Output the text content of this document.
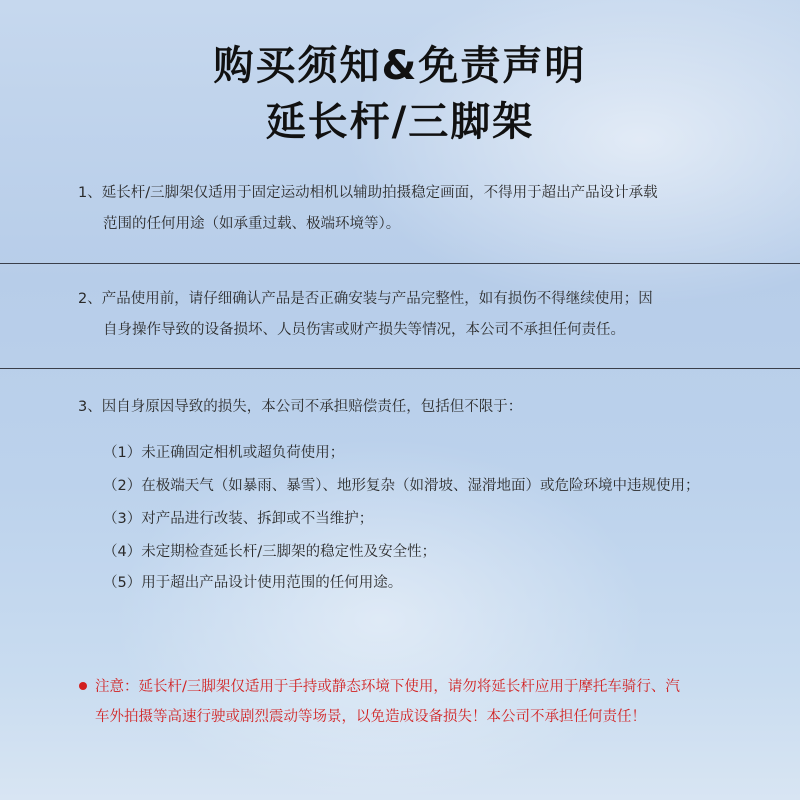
购买须知&免责声明
延长杆/三脚架
1、延长杆/三脚架仅适用于固定运动相机以辅助拍摄稳定画面，不得用于超出产品设计承载
范围的任何用途（如承重过载、极端环境等）。
2、产品使用前，请仔细确认产品是否正确安装与产品完整性，如有损伤不得继续使用；因
自身操作导致的设备损坏、人员伤害或财产损失等情况，本公司不承担任何责任。
3、因自身原因导致的损失，本公司不承担赔偿责任，包括但不限于：
（1）未正确固定相机或超负荷使用；
（2）在极端天气（如暴雨、暴雪）、地形复杂（如滑坡、湿滑地面）或危险环境中违规使用；
（3）对产品进行改装、拆卸或不当维护；
（4）未定期检查延长杆/三脚架的稳定性及安全性；
（5）用于超出产品设计使用范围的任何用途。
注意：延长杆/三脚架仅适用于手持或静态环境下使用，请勿将延长杆应用于摩托车骑行、汽
车外拍摄等高速行驶或剧烈震动等场景，以免造成设备损失！本公司不承担任何责任！
